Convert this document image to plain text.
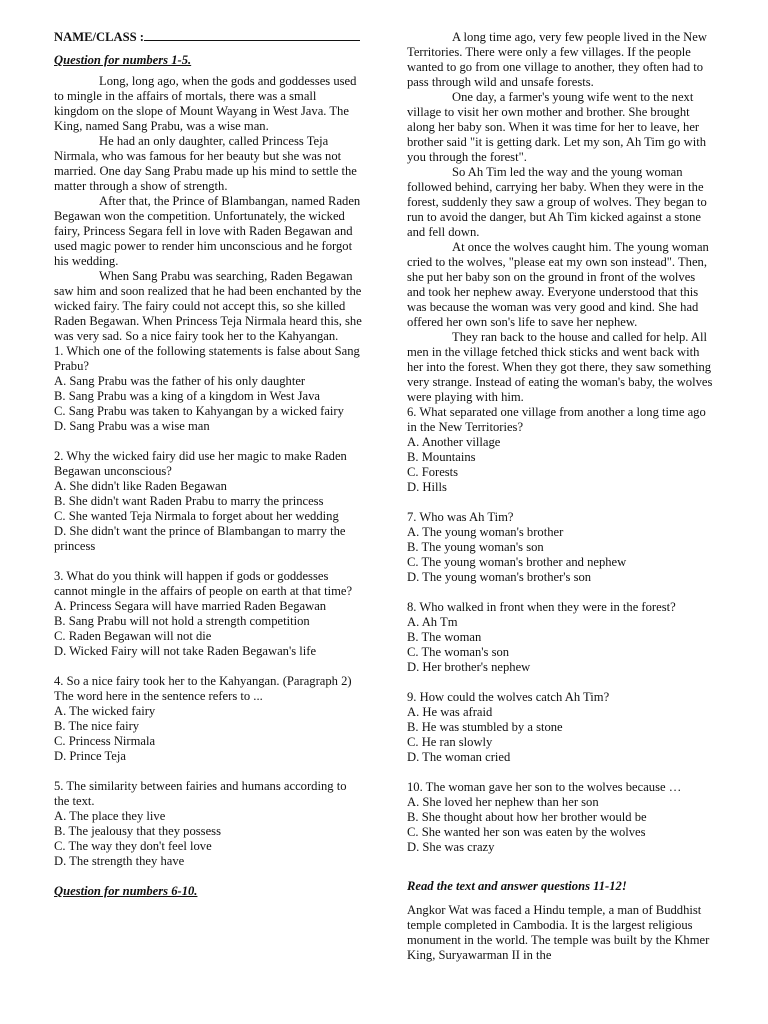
NAME/CLASS :

Question for numbers 1-5.

Long, long ago, when the gods and goddesses used to mingle in the affairs of mortals, there was a small kingdom on the slope of Mount Wayang in West Java. The King, named Sang Prabu, was a wise man.

He had an only daughter, called Princess Teja Nirmala, who was famous for her beauty but she was not married. One day Sang Prabu made up his mind to settle the matter through a show of strength.

After that, the Prince of Blambangan, named Raden Begawan won the competition. Unfortunately, the wicked fairy, Princess Segara fell in love with Raden Begawan and used magic power to render him unconscious and he forgot his wedding.

When Sang Prabu was searching, Raden Begawan saw him and soon realized that he had been enchanted by the wicked fairy. The fairy could not accept this, so she killed Raden Begawan. When Princess Teja Nirmala heard this, she was very sad. So a nice fairy took her to the Kahyangan.

1. Which one of the following statements is false about Sang Prabu?

A. Sang Prabu was the father of his only daughter
B. Sang Prabu was a king of a kingdom in West Java
C. Sang Prabu was taken to Kahyangan by a wicked fairy
D. Sang Prabu was a wise man

2. Why the wicked fairy did use her magic to make Raden Begawan unconscious?

A. She didn't like Raden Begawan
B. She didn't want Raden Prabu to marry the princess
C. She wanted Teja Nirmala to forget about her wedding
D. She didn't want the prince of Blambangan to marry the princess

3. What do you think will happen if gods or goddesses cannot mingle in the affairs of people on earth at that time?

A. Princess Segara will have married Raden Begawan
B. Sang Prabu will not hold a strength competition
C. Raden Begawan will not die
D. Wicked Fairy will not take Raden Begawan's life

4. So a nice fairy took her to the Kahyangan. (Paragraph 2) The word here in the sentence refers to ...

A. The wicked fairy
B. The nice fairy
C. Princess Nirmala
D. Prince Teja

5. The similarity between fairies and humans according to the text.

A. The place they live
B. The jealousy that they possess
C. The way they don't feel love
D. The strength they have

Question for numbers 6-10.

A long time ago, very few people lived in the New Territories. There were only a few villages. If the people wanted to go from one village to another, they often had to pass through wild and unsafe forests.

One day, a farmer's young wife went to the next village to visit her own mother and brother. She brought along her baby son. When it was time for her to leave, her brother said "it is getting dark. Let my son, Ah Tim go with you through the forest".

So Ah Tim led the way and the young woman followed behind, carrying her baby. When they were in the forest, suddenly they saw a group of wolves. They began to run to avoid the danger, but Ah Tim kicked against a stone and fell down.

At once the wolves caught him. The young woman cried to the wolves, "please eat my own son instead". Then, she put her baby son on the ground in front of the wolves and took her nephew away. Everyone understood that this was because the woman was very good and kind. She had offered her own son's life to save her nephew.

They ran back to the house and called for help. All men in the village fetched thick sticks and went back with her into the forest. When they got there, they saw something very strange. Instead of eating the woman's baby, the wolves were playing with him.

6. What separated one village from another a long time ago in the New Territories?

A. Another village
B. Mountains
C. Forests
D. Hills

7. Who was Ah Tim?

A. The young woman's brother
B. The young woman's son
C. The young woman's brother and nephew
D. The young woman's brother's son

8. Who walked in front when they were in the forest?

A. Ah Tm
B. The woman
C. The woman's son
D. Her brother's nephew

9. How could the wolves catch Ah Tim?

A. He was afraid
B. He was stumbled by a stone
C. He ran slowly
D. The woman cried

10. The woman gave her son to the wolves because …

A. She loved her nephew than her son
B. She thought about how her brother would be
C. She wanted her son was eaten by the wolves
D. She was crazy

Read the text and answer questions 11-12!

Angkor Wat was faced a Hindu temple, a man of Buddhist temple completed in Cambodia. It is the largest religious monument in the world. The temple was built by the Khmer King, Suryawarman II in the
